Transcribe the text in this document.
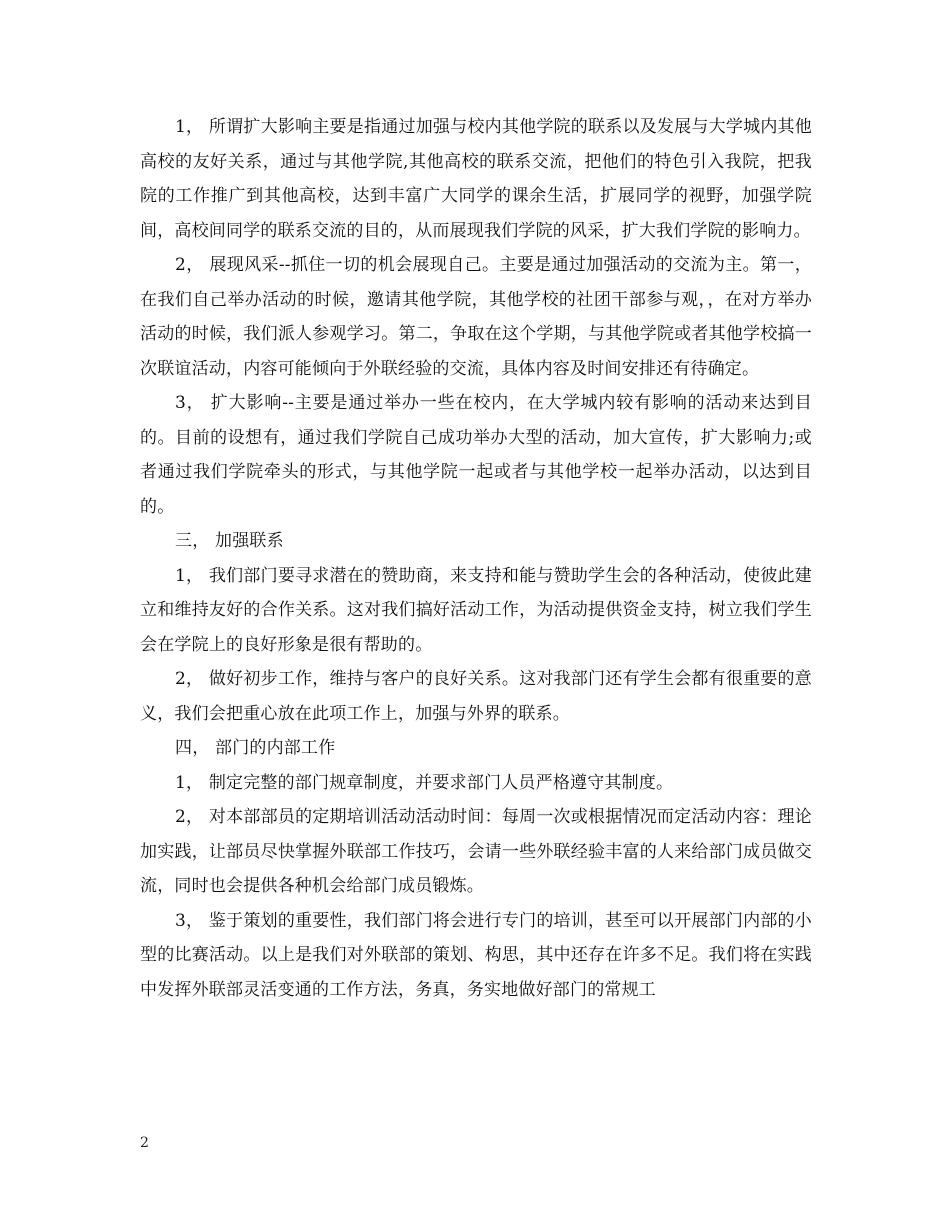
1， 所谓扩大影响主要是指通过加强与校内其他学院的联系以及发展与大学城内其他高校的友好关系，通过与其他学院,其他高校的联系交流，把他们的特色引入我院，把我院的工作推广到其他高校，达到丰富广大同学的课余生活，扩展同学的视野，加强学院间，高校间同学的联系交流的目的，从而展现我们学院的风采，扩大我们学院的影响力。

2， 展现风采--抓住一切的机会展现自己。主要是通过加强活动的交流为主。第一，在我们自己举办活动的时候，邀请其他学院，其他学校的社团干部参与观，，在对方举办活动的时候，我们派人参观学习。第二，争取在这个学期，与其他学院或者其他学校搞一次联谊活动，内容可能倾向于外联经验的交流，具体内容及时间安排还有待确定。

3， 扩大影响--主要是通过举办一些在校内，在大学城内较有影响的活动来达到目的。目前的设想有，通过我们学院自己成功举办大型的活动，加大宣传，扩大影响力;或者通过我们学院牵头的形式，与其他学院一起或者与其他学校一起举办活动，以达到目的。

三， 加强联系

1， 我们部门要寻求潜在的赞助商，来支持和能与赞助学生会的各种活动，使彼此建立和维持友好的合作关系。这对我们搞好活动工作，为活动提供资金支持，树立我们学生会在学院上的良好形象是很有帮助的。

2， 做好初步工作，维持与客户的良好关系。这对我部门还有学生会都有很重要的意义，我们会把重心放在此项工作上，加强与外界的联系。

四， 部门的内部工作

1， 制定完整的部门规章制度，并要求部门人员严格遵守其制度。

2， 对本部部员的定期培训活动活动时间：每周一次或根据情况而定活动内容：理论加实践，让部员尽快掌握外联部工作技巧，会请一些外联经验丰富的人来给部门成员做交流，同时也会提供各种机会给部门成员锻炼。

3， 鉴于策划的重要性，我们部门将会进行专门的培训，甚至可以开展部门内部的小型的比赛活动。以上是我们对外联部的策划、构思，其中还存在许多不足。我们将在实践中发挥外联部灵活变通的工作方法，务真，务实地做好部门的常规工

2
